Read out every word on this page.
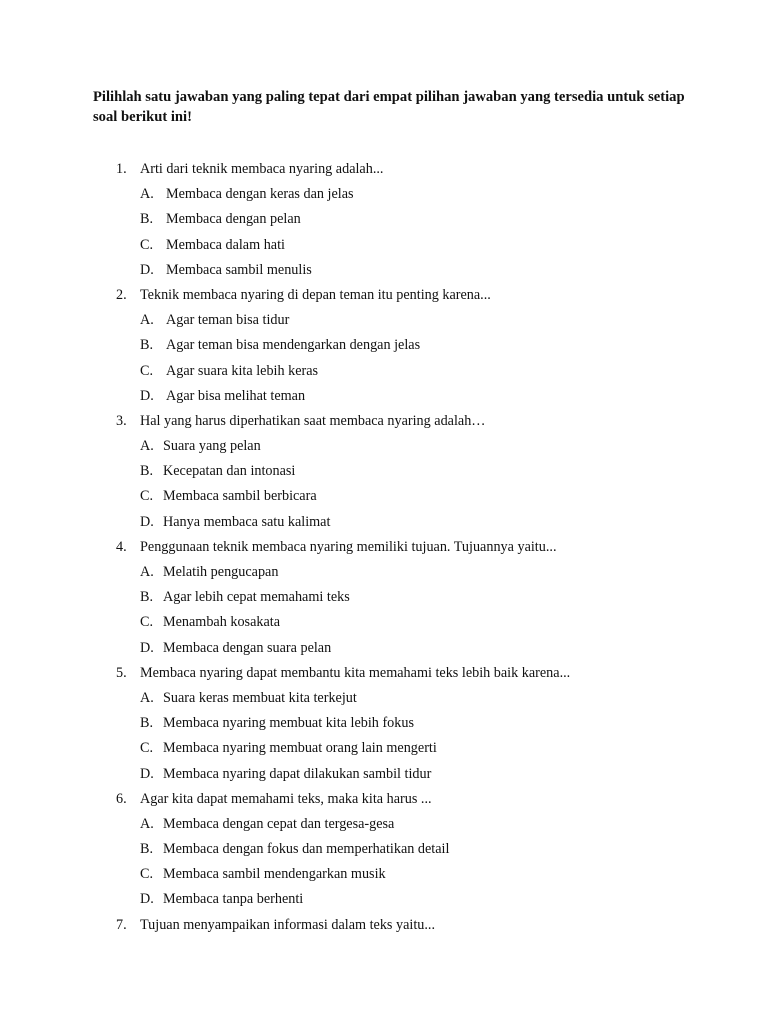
Pilihlah satu jawaban yang paling tepat dari empat pilihan jawaban yang tersedia untuk setiap soal berikut ini!
1. Arti dari teknik membaca nyaring adalah...
A. Membaca dengan keras dan jelas
B. Membaca dengan pelan
C. Membaca dalam hati
D. Membaca sambil menulis
2. Teknik membaca nyaring di depan teman itu penting karena...
A. Agar teman bisa tidur
B. Agar teman bisa mendengarkan dengan jelas
C. Agar suara kita lebih keras
D. Agar bisa melihat teman
3. Hal yang harus diperhatikan saat membaca nyaring adalah…
A. Suara yang pelan
B. Kecepatan dan intonasi
C. Membaca sambil berbicara
D. Hanya membaca satu kalimat
4. Penggunaan teknik membaca nyaring memiliki tujuan. Tujuannya yaitu...
A. Melatih pengucapan
B. Agar lebih cepat memahami teks
C. Menambah kosakata
D. Membaca dengan suara pelan
5. Membaca nyaring dapat membantu kita memahami teks lebih baik karena...
A. Suara keras membuat kita terkejut
B. Membaca nyaring membuat kita lebih fokus
C. Membaca nyaring membuat orang lain mengerti
D. Membaca nyaring dapat dilakukan sambil tidur
6. Agar kita dapat memahami teks, maka kita harus ...
A. Membaca dengan cepat dan tergesa-gesa
B. Membaca dengan fokus dan memperhatikan detail
C. Membaca sambil mendengarkan musik
D. Membaca tanpa berhenti
7. Tujuan menyampaikan informasi dalam teks yaitu...
